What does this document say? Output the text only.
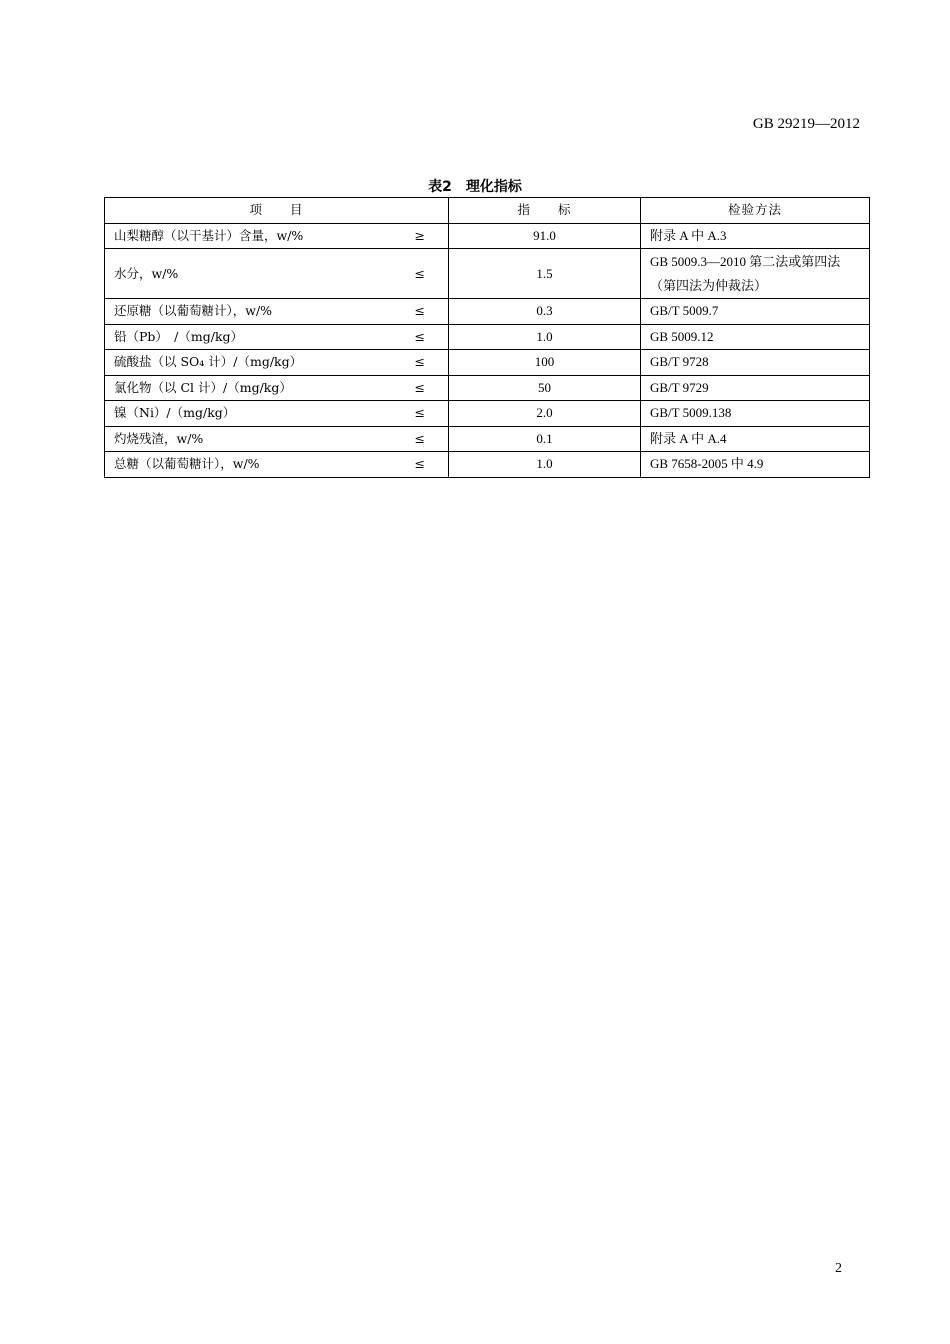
GB 29219—2012
表2　理化指标
项　　目	指　　标	检验方法

山梨糖醇（以干基计）含量，w/% ≥	91.0	附录 A 中 A.3

水分，w/% ≤	1.5	GB 5009.3—2010 第二法或第四法
（第四法为仲裁法）

还原糖（以葡萄糖计），w/% ≤	0.3	GB/T 5009.7

铅（Pb）　/（mg/kg） ≤	1.0	GB 5009.12

硫酸盐（以 SO₄ 计）/（mg/kg） ≤	100	GB/T 9728

氯化物（以 Cl 计）/（mg/kg） ≤	50	GB/T 9729

镍（Ni）/（mg/kg） ≤	2.0	GB/T 5009.138

灼烧残渣，w/% ≤	0.1	附录 A 中 A.4

总糖（以葡萄糖计），w/% ≤	1.0	GB 7658-2005 中 4.9
2
